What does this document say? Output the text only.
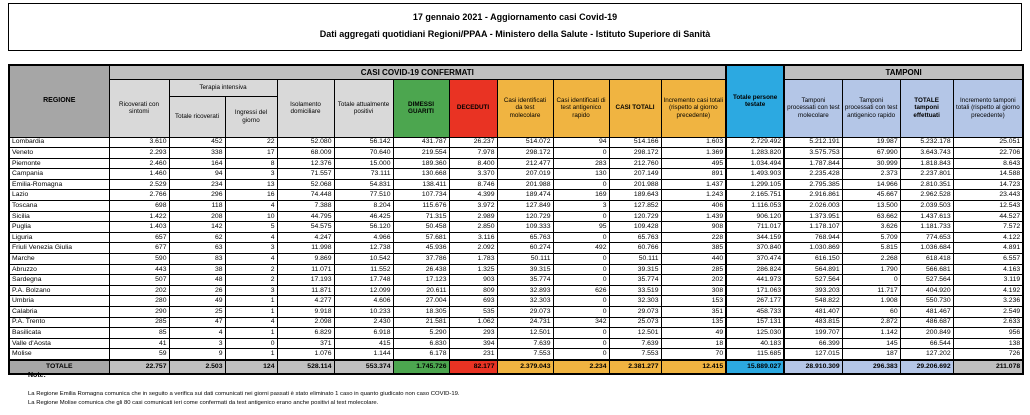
17 gennaio 2021 - Aggiornamento casi Covid-19
Dati aggregati quotidiani Regioni/PPAA - Ministero della Salute - Istituto Superiore di Sanità
REGIONE	CASI COVID-19 CONFERMATI											Totale persone testate	TAMPONI			
	Ricoverati con sintomi	Terapia intensiva		Isolamento domiciliare	Totale attualmente positivi	DIMESSI GUARITI	DECEDUTI	Casi identificati da test molecolare	Casi identificati di test antigenico rapido	CASI TOTALI	Incremento casi totali (rispetto al giorno precedente)		Tamponi processati con test molecolare	Tamponi processati con test antigenico rapido	TOTALE tamponi effettuati	Incremento tamponi totali (rispetto al giorno precedente)
		Totale ricoverati	Ingressi del giorno													
Lombardia	3.610	452	22	52.080	56.142	431.787	26.237	514.072	94	514.166	1.603	2.729.492	5.212.191	19.987	5.232.178	25.051
Veneto	2.293	338	17	68.009	70.640	219.554	7.978	298.172	0	298.172	1.369	1.283.820	3.575.753	67.990	3.643.743	22.706
Piemonte	2.460	164	8	12.376	15.000	189.360	8.400	212.477	283	212.760	495	1.034.494	1.787.844	30.999	1.818.843	8.643
Campania	1.460	94	3	71.557	73.111	130.668	3.370	207.019	130	207.149	891	1.493.903	2.235.428	2.373	2.237.801	14.588
Emilia-Romagna	2.529	234	13	52.068	54.831	138.411	8.746	201.988	0	201.988	1.437	1.299.105	2.795.385	14.966	2.810.351	14.723
Lazio	2.766	296	16	74.448	77.510	107.734	4.399	189.474	169	189.643	1.243	2.165.751	2.916.861	45.667	2.962.528	23.443
Toscana	698	118	4	7.388	8.204	115.676	3.972	127.849	3	127.852	406	1.116.053	2.026.003	13.500	2.039.503	12.543
Sicilia	1.422	208	10	44.795	46.425	71.315	2.989	120.729	0	120.729	1.439	906.120	1.373.951	63.662	1.437.613	44.527
Puglia	1.403	142	5	54.575	56.120	50.458	2.850	109.333	95	109.428	908	711.017	1.178.107	3.626	1.181.733	7.572
Liguria	657	62	4	4.247	4.966	57.681	3.116	65.763	0	65.763	228	344.159	768.944	5.709	774.653	4.122
Friuli Venezia Giulia	677	63	3	11.998	12.738	45.936	2.092	60.274	492	60.766	385	370.840	1.030.869	5.815	1.036.684	4.891
Marche	590	83	4	9.869	10.542	37.786	1.783	50.111	0	50.111	440	370.474	616.150	2.268	618.418	6.557
Abruzzo	443	38	2	11.071	11.552	26.438	1.325	39.315	0	39.315	285	286.824	564.891	1.790	566.681	4.163
Sardegna	507	48	2	17.193	17.748	17.123	903	35.774	0	35.774	202	441.973	527.564	0	527.564	3.119
P.A. Bolzano	202	26	3	11.871	12.099	20.611	809	32.893	626	33.519	308	171.063	393.203	11.717	404.920	4.192
Umbria	280	49	1	4.277	4.606	27.004	693	32.303	0	32.303	153	267.177	548.822	1.908	550.730	3.236
Calabria	290	25	1	9.918	10.233	18.305	535	29.073	0	29.073	351	458.733	481.407	60	481.467	2.549
P.A. Trento	285	47	4	2.098	2.430	21.581	1.062	24.731	342	25.073	135	157.131	483.815	2.872	486.687	2.633
Basilicata	85	4	1	6.829	6.918	5.290	293	12.501	0	12.501	49	125.030	199.707	1.142	200.849	956
Valle d'Aosta	41	3	0	371	415	6.830	394	7.639	0	7.639	18	40.183	66.399	145	66.544	138
Molise	59	9	1	1.076	1.144	6.178	231	7.553	0	7.553	70	115.685	127.015	187	127.202	726
TOTALE	22.757	2.503	124	528.114	553.374	1.745.726	82.177	2.379.043	2.234	2.381.277	12.415	15.889.027	28.910.309	296.383	29.206.692	211.078
Note:
La Regione Emilia Romagna comunica che in seguito a verifica sui dati comunicati nei giorni passati è stato eliminato 1 caso in quanto giudicato non caso COVID-19.
La Regione Molise comunica che gli 80 casi comunicati ieri come confermati da test antigenico erano anche positivi al test molecolare.
